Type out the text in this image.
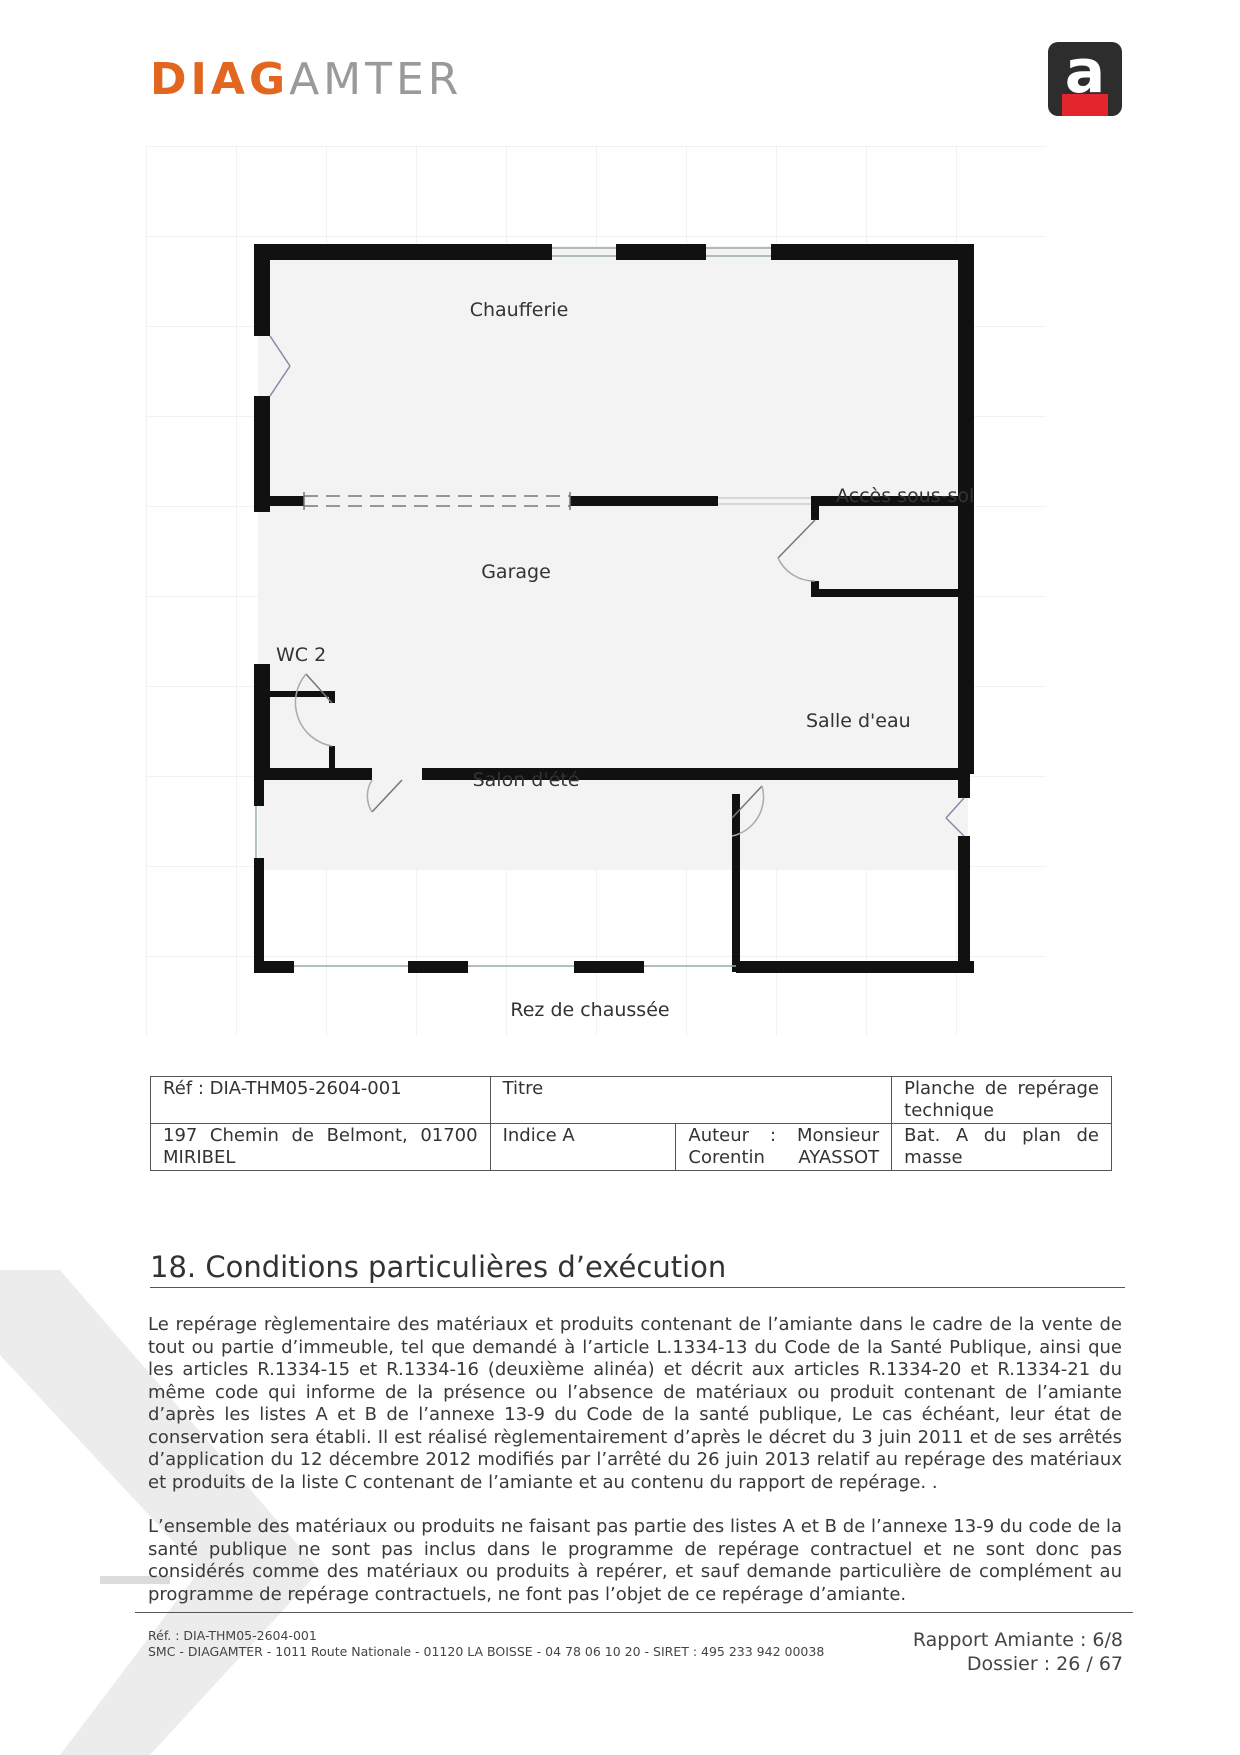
DIAG AMTER	a
Chaufferie
Accès sous-sol
Garage
WC 2
Salle d'eau
Salon d'été
Rez de chaussée
Réf : DIA-THM05-2604-001	Titre		Planche de repérage technique
197 Chemin de Belmont, 01700 MIRIBEL	Indice A	Auteur : Monsieur Corentin AYASSOT	Bat. A du plan de masse
18. Conditions particulières d’exécution
Le repérage règlementaire des matériaux et produits contenant de l’amiante dans le cadre de la vente de tout ou partie d’immeuble, tel que demandé à l’article L.1334-13 du Code de la Santé Publique, ainsi que les articles R.1334-15 et R.1334-16 (deuxième alinéa) et décrit aux articles R.1334-20 et R.1334-21 du même code qui informe de la présence ou l’absence de matériaux ou produit contenant de l’amiante d’après les listes A et B de l’annexe 13-9 du Code de la santé publique, Le cas échéant, leur état de conservation sera établi. Il est réalisé règlementairement d’après le décret du 3 juin 2011 et de ses arrêtés d’application du 12 décembre 2012 modifiés par l’arrêté du 26 juin 2013 relatif au repérage des matériaux et produits de la liste C contenant de l’amiante et au contenu du rapport de repérage. .
L’ensemble des matériaux ou produits ne faisant pas partie des listes A et B de l’annexe 13-9 du code de la santé publique ne sont pas inclus dans le programme de repérage contractuel et ne sont donc pas considérés comme des matériaux ou produits à repérer, et sauf demande particulière de complément au programme de repérage contractuels, ne font pas l’objet de ce repérage d’amiante.
Réf. : DIA-THM05-2604-001
SMC - DIAGAMTER - 1011 Route Nationale - 01120 LA BOISSE - 04 78 06 10 20 - SIRET : 495 233 942 00038
Rapport Amiante : 6/8
Dossier : 26 / 67
